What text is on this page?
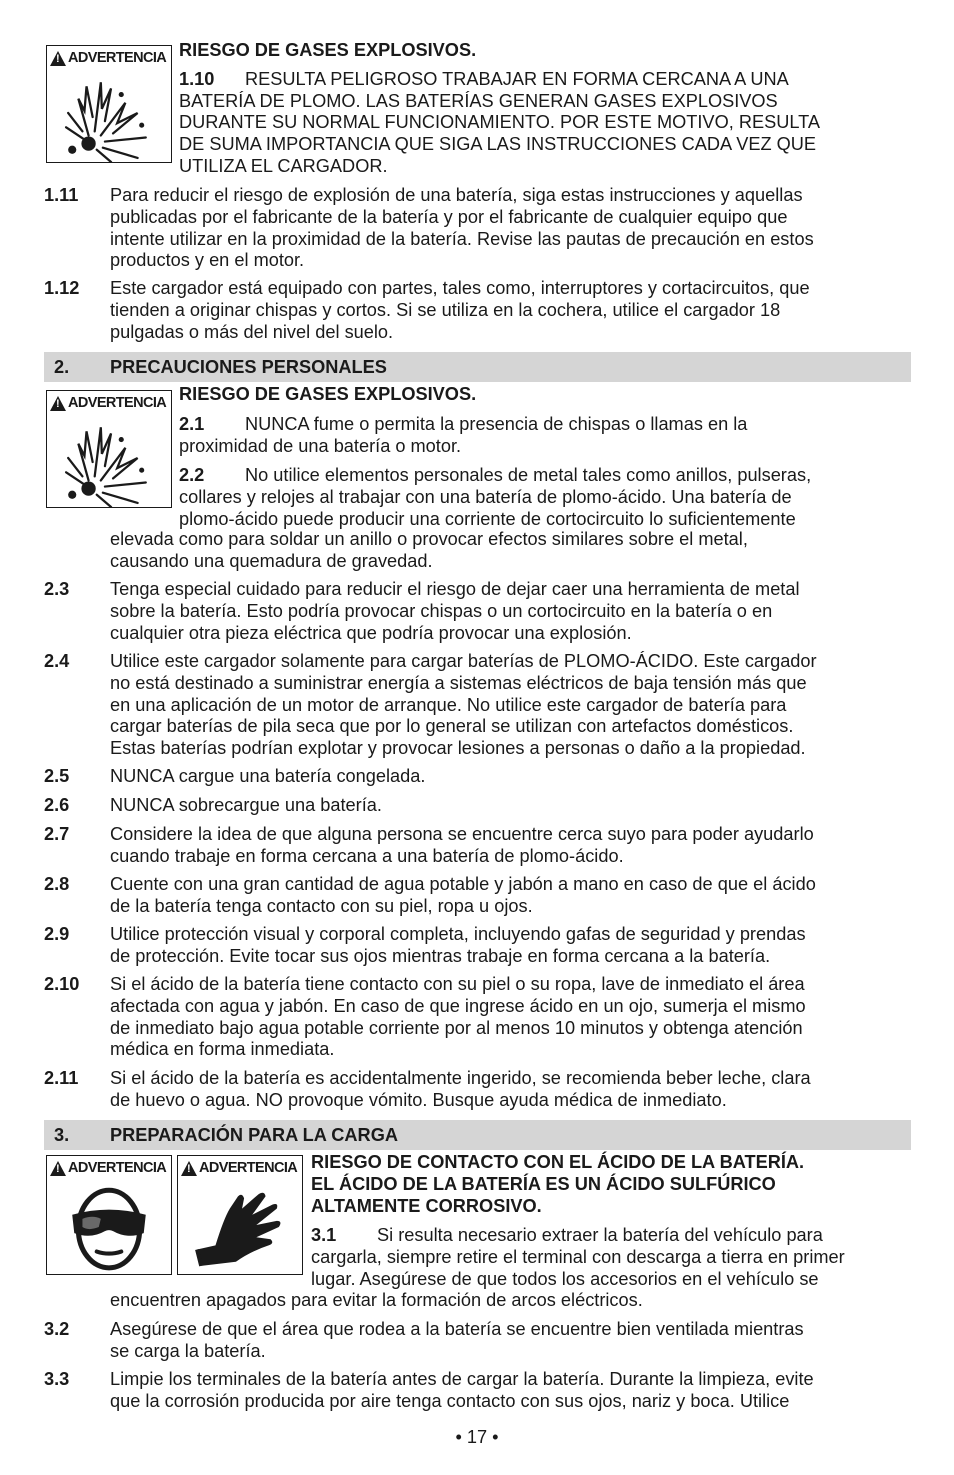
!
ADVERTENCIA RIESGO DE GASES EXPLOSIVOS.
1.10 RESULTA PELIGROSO TRABAJAR EN FORMA CERCANA A UNA
BATERÍA DE PLOMO. LAS BATERÍAS GENERAN GASES EXPLOSIVOS
DURANTE SU NORMAL FUNCIONAMIENTO. POR ESTE MOTIVO, RESULTA
DE SUMA IMPORTANCIA QUE SIGA LAS INSTRUCCIONES CADA VEZ QUE
UTILIZA EL CARGADOR.
1.11 Para reducir el riesgo de explosión de una batería, siga estas instrucciones y aquellas
publicadas por el fabricante de la batería y por el fabricante de cualquier equipo que
intente utilizar en la proximidad de la batería. Revise las pautas de precaución en estos
productos y en el motor.
1.12 Este cargador está equipado con partes, tales como, interruptores y cortacircuitos, que
tienden a originar chispas y cortos. Si se utiliza en la cochera, utilice el cargador 18
pulgadas o más del nivel del suelo.
2. PRECAUCIONES PERSONALES
!
ADVERTENCIA RIESGO DE GASES EXPLOSIVOS.
2.1 NUNCA fume o permita la presencia de chispas o llamas en la
proximidad de una batería o motor.
2.2 No utilice elementos personales de metal tales como anillos, pulseras,
collares y relojes al trabajar con una batería de plomo-ácido. Una batería de
plomo-ácido puede producir una corriente de cortocircuito lo suficientemente
elevada como para soldar un anillo o provocar efectos similares sobre el metal,
causando una quemadura de gravedad.
2.3 Tenga especial cuidado para reducir el riesgo de dejar caer una herramienta de metal
sobre la batería. Esto podría provocar chispas o un cortocircuito en la batería o en
cualquier otra pieza eléctrica que podría provocar una explosión.
2.4 Utilice este cargador solamente para cargar baterías de PLOMO-ÁCIDO. Este cargador
no está destinado a suministrar energía a sistemas eléctricos de baja tensión más que
en una aplicación de un motor de arranque. No utilice este cargador de batería para
cargar baterías de pila seca que por lo general se utilizan con artefactos domésticos.
Estas baterías podrían explotar y provocar lesiones a personas o daño a la propiedad.
2.5 NUNCA cargue una batería congelada.
2.6 NUNCA sobrecargue una batería.
2.7 Considere la idea de que alguna persona se encuentre cerca suyo para poder ayudarlo
cuando trabaje en forma cercana a una batería de plomo-ácido.
2.8 Cuente con una gran cantidad de agua potable y jabón a mano en caso de que el ácido
de la batería tenga contacto con su piel, ropa u ojos.
2.9 Utilice protección visual y corporal completa, incluyendo gafas de seguridad y prendas
de protección. Evite tocar sus ojos mientras trabaje en forma cercana a la batería.
2.10 Si el ácido de la batería tiene contacto con su piel o su ropa, lave de inmediato el área
afectada con agua y jabón. En caso de que ingrese ácido en un ojo, sumerja el mismo
de inmediato bajo agua potable corriente por al menos 10 minutos y obtenga atención
médica en forma inmediata.
2.11 Si el ácido de la batería es accidentalmente ingerido, se recomienda beber leche, clara
de huevo o agua. NO provoque vómito. Busque ayuda médica de inmediato.
3. PREPARACIÓN PARA LA CARGA
!
ADVERTENCIA
! ADVERTENCIA RIESGO DE CONTACTO CON EL ÁCIDO DE LA BATERÍA.
EL ÁCIDO DE LA BATERÍA ES UN ÁCIDO SULFÚRICO
ALTAMENTE CORROSIVO.
3.1 Si resulta necesario extraer la batería del vehículo para
cargarla, siempre retire el terminal con descarga a tierra en primer
lugar. Asegúrese de que todos los accesorios en el vehículo se
encuentren apagados para evitar la formación de arcos eléctricos.
3.2 Asegúrese de que el área que rodea a la batería se encuentre bien ventilada mientras
se carga la batería.
3.3 Limpie los terminales de la batería antes de cargar la batería. Durante la limpieza, evite
que la corrosión producida por aire tenga contacto con sus ojos, nariz y boca. Utilice
• 17 •
